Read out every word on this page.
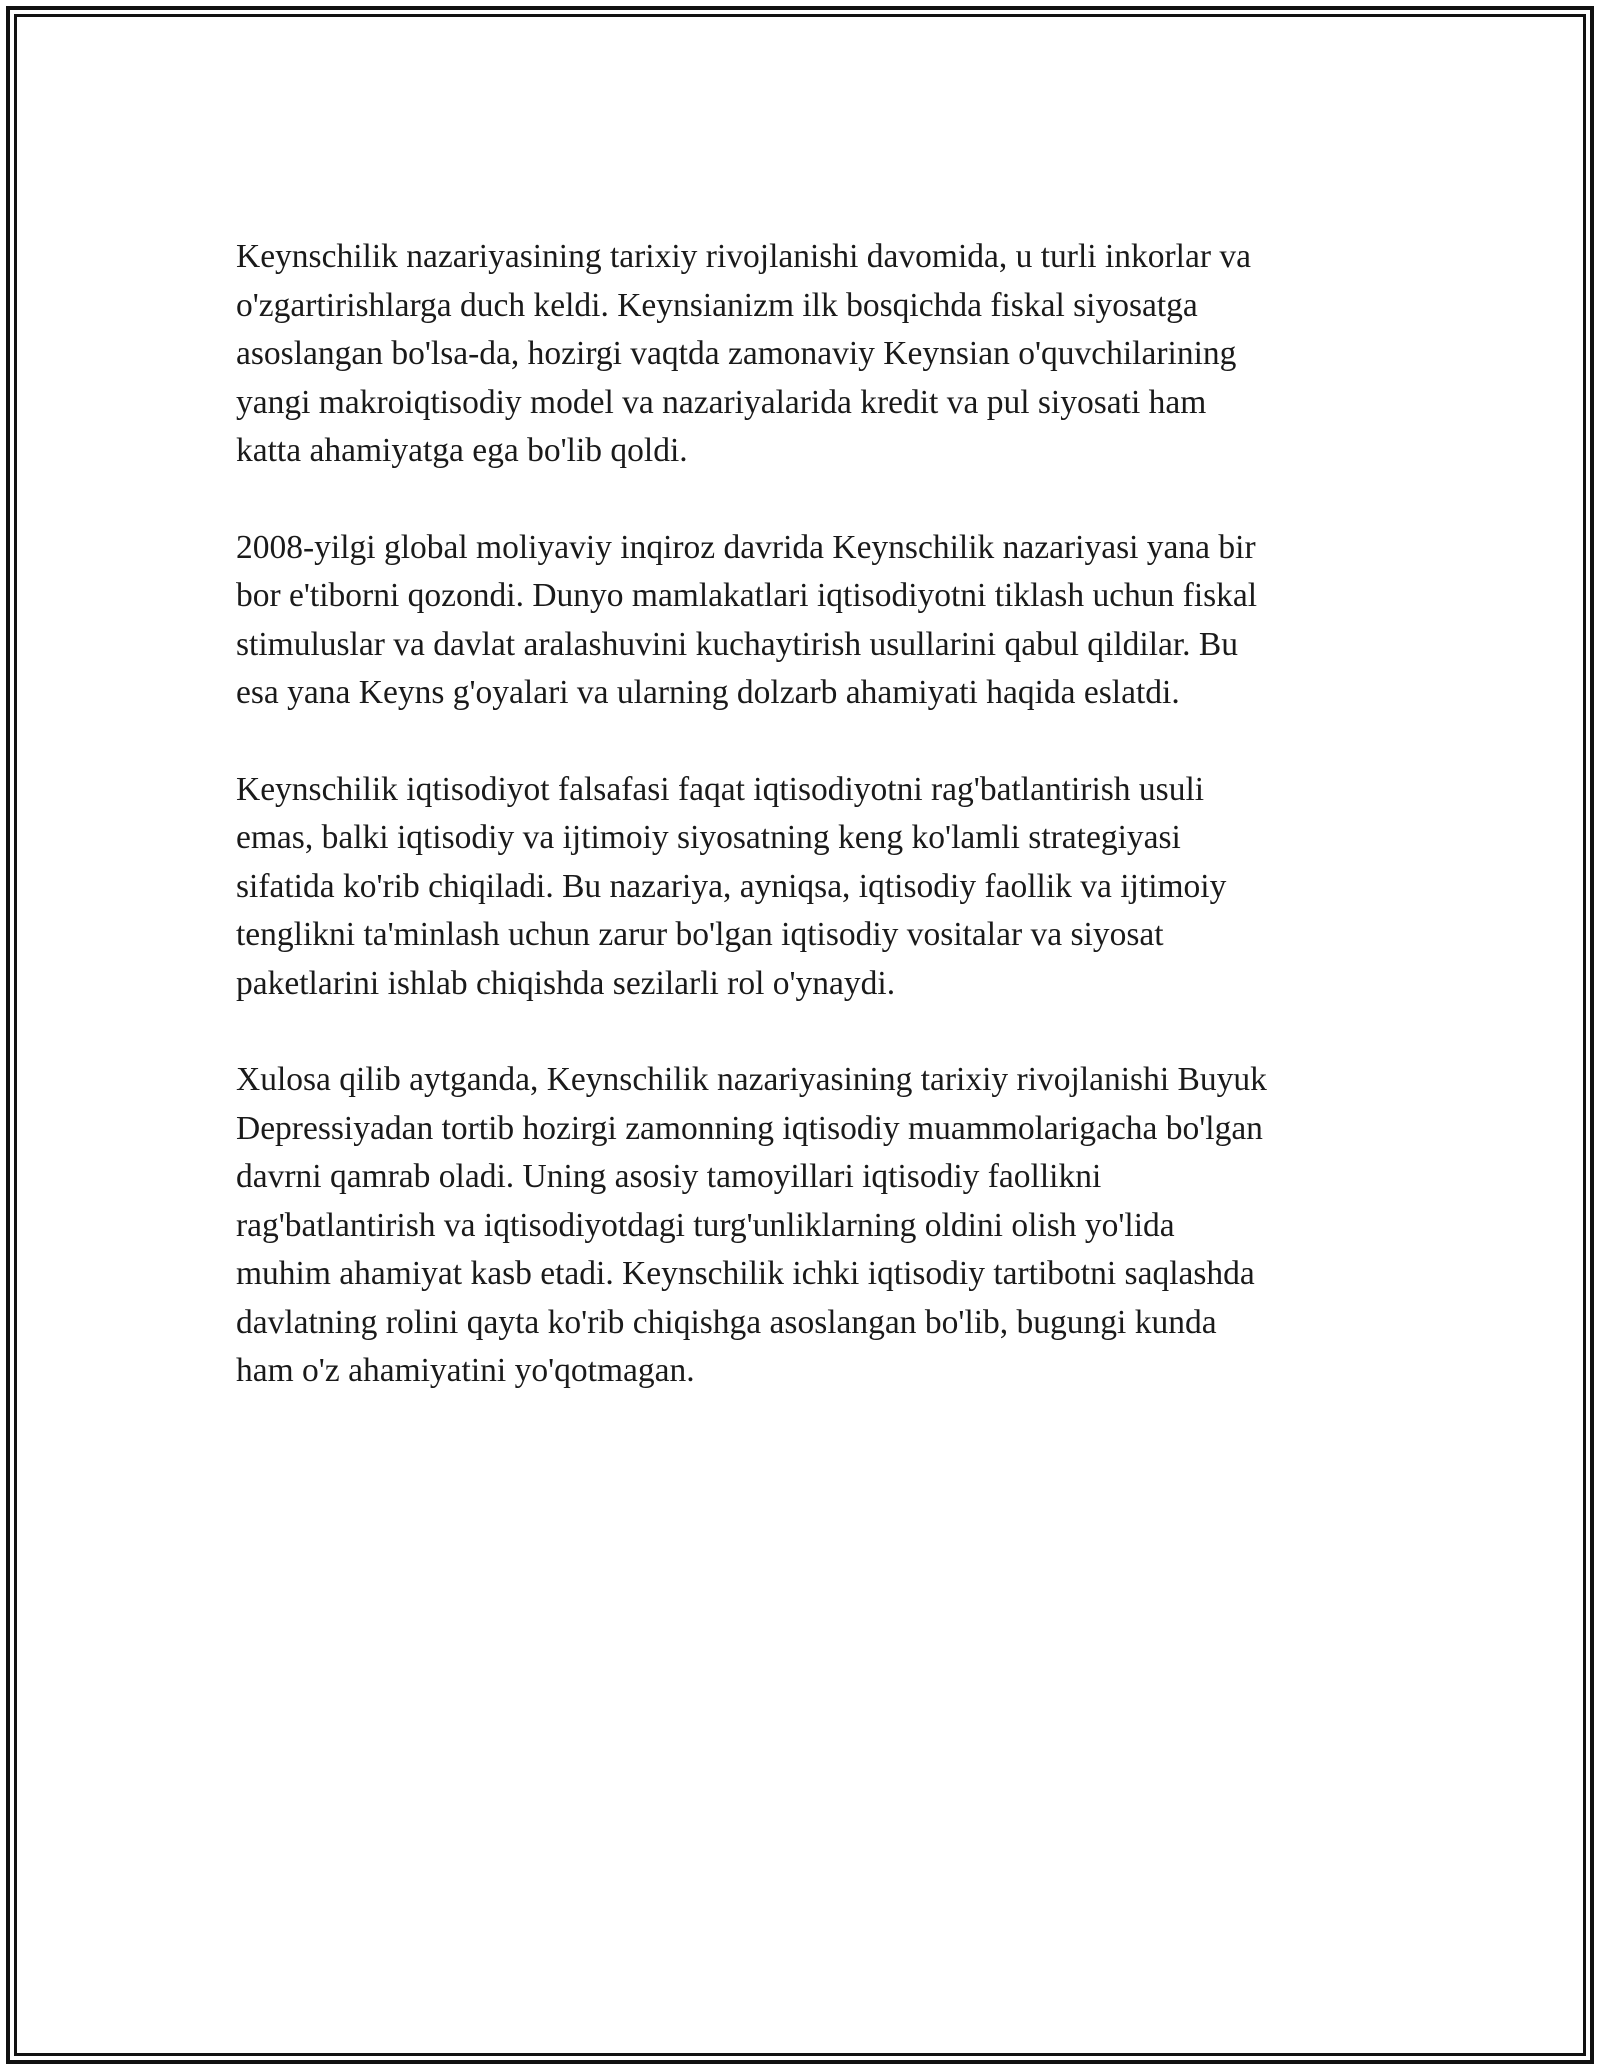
Keynschilik nazariyasining tarixiy rivojlanishi davomida, u turli inkorlar va
o'zgartirishlarga duch keldi. Keynsianizm ilk bosqichda fiskal siyosatga
asoslangan bo'lsa-da, hozirgi vaqtda zamonaviy Keynsian o'quvchilarining
yangi makroiqtisodiy model va nazariyalarida kredit va pul siyosati ham
katta ahamiyatga ega bo'lib qoldi.

2008-yilgi global moliyaviy inqiroz davrida Keynschilik nazariyasi yana bir
bor e'tiborni qozondi. Dunyo mamlakatlari iqtisodiyotni tiklash uchun fiskal
stimuluslar va davlat aralashuvini kuchaytirish usullarini qabul qildilar. Bu
esa yana Keyns g'oyalari va ularning dolzarb ahamiyati haqida eslatdi.

Keynschilik iqtisodiyot falsafasi faqat iqtisodiyotni rag'batlantirish usuli
emas, balki iqtisodiy va ijtimoiy siyosatning keng ko'lamli strategiyasi
sifatida ko'rib chiqiladi. Bu nazariya, ayniqsa, iqtisodiy faollik va ijtimoiy
tenglikni ta'minlash uchun zarur bo'lgan iqtisodiy vositalar va siyosat
paketlarini ishlab chiqishda sezilarli rol o'ynaydi.

Xulosa qilib aytganda, Keynschilik nazariyasining tarixiy rivojlanishi Buyuk
Depressiyadan tortib hozirgi zamonning iqtisodiy muammolarigacha bo'lgan
davrni qamrab oladi. Uning asosiy tamoyillari iqtisodiy faollikni
rag'batlantirish va iqtisodiyotdagi turg'unliklarning oldini olish yo'lida
muhim ahamiyat kasb etadi. Keynschilik ichki iqtisodiy tartibotni saqlashda
davlatning rolini qayta ko'rib chiqishga asoslangan bo'lib, bugungi kunda
ham o'z ahamiyatini yo'qotmagan.
